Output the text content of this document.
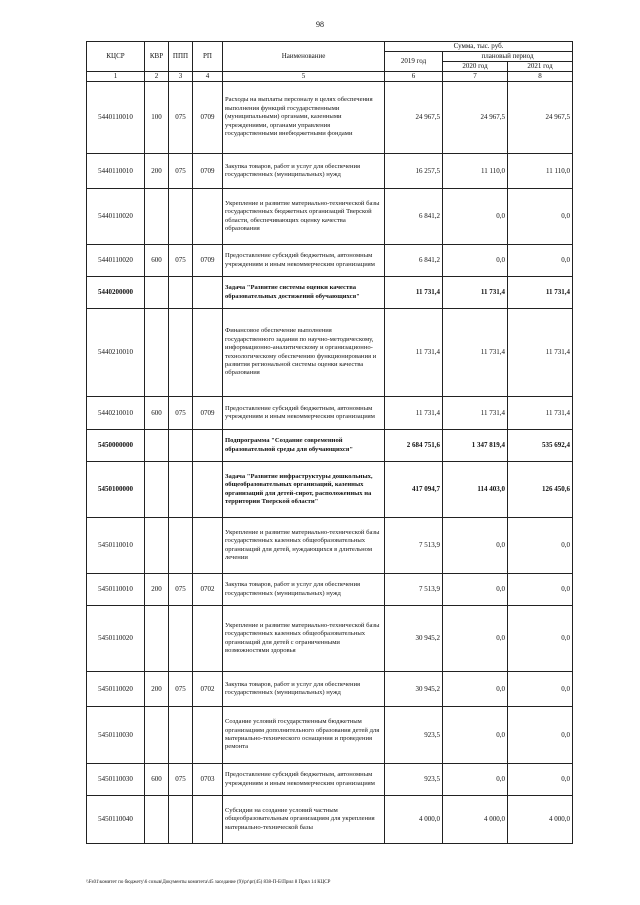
98
КЦСР	КВР	ППП	РП	Наименование	Сумма, тыс. руб.		
					2019 год	плановый период	
						2020 год	2021 год
1	2	3	4	5	6	7	8
5440110010	100	075	0709	Расходы на выплаты персоналу в целях обеспечения выполнения функций государственными (муниципальными) органами, казенными учреждениями, органами управления государственными внебюджетными фондами	24 967,5	24 967,5	24 967,5
5440110010	200	075	0709	Закупка товаров, работ и услуг для обеспечения государственных (муниципальных) нужд	16 257,5	11 110,0	11 110,0
5440110020				Укрепление и развитие материально-технической базы государственных бюджетных организаций Тверской области, обеспечивающих оценку качества образования	6 841,2	0,0	0,0
5440110020	600	075	0709	Предоставление субсидий бюджетным, автономным учреждениям и иным некоммерческим организациям	6 841,2	0,0	0,0
5440200000				Задача "Развитие системы оценки качества образовательных достижений обучающихся"	11 731,4	11 731,4	11 731,4
5440210010				Финансовое обеспечение выполнения государственного задания по научно-методическому, информационно-аналитическому и организационно-технологическому обеспечению функционирования и развития региональной системы оценки качества образования	11 731,4	11 731,4	11 731,4
5440210010	600	075	0709	Предоставление субсидий бюджетным, автономным учреждениям и иным некоммерческим организациям	11 731,4	11 731,4	11 731,4
5450000000				Подпрограмма "Создание современной образовательной среды для обучающихся"	2 684 751,6	1 347 819,4	535 692,4
5450100000				Задача "Развитие инфраструктуры дошкольных, общеобразовательных организаций, казенных организаций для детей-сирот, расположенных на территории Тверской области"	417 094,7	114 403,0	126 450,6
5450110010				Укрепление и развитие материально-технической базы государственных казенных общеобразовательных организаций для детей, нуждающихся в длительном лечении	7 513,9	0,0	0,0
5450110010	200	075	0702	Закупка товаров, работ и услуг для обеспечения государственных (муниципальных) нужд	7 513,9	0,0	0,0
5450110020				Укрепление и развитие материально-технической базы государственных казенных общеобразовательных организаций для детей с ограниченными возможностями здоровья	30 945,2	0,0	0,0
5450110020	200	075	0702	Закупка товаров, работ и услуг для обеспечения государственных (муниципальных) нужд	30 945,2	0,0	0,0
5450110030				Создание условий государственным бюджетным организациям дополнительного образования детей для материально-технического оснащения и проведения ремонта	923,5	0,0	0,0
5450110030	600	075	0703	Предоставление субсидий бюджетным, автономным учреждениям и иным некоммерческим организациям	923,5	0,0	0,0
5450110040				Субсидии на создание условий частным общеобразовательным организациям для укрепления материально-технической базы	4 000,0	4 000,0	4 000,0
\\Fs01\комитет по бюджету\6 созыв\Документы комитета\45 заседание (9)\pr\pr(45) 838-П-Б\Прил 8 Прил 14 КЦСР
